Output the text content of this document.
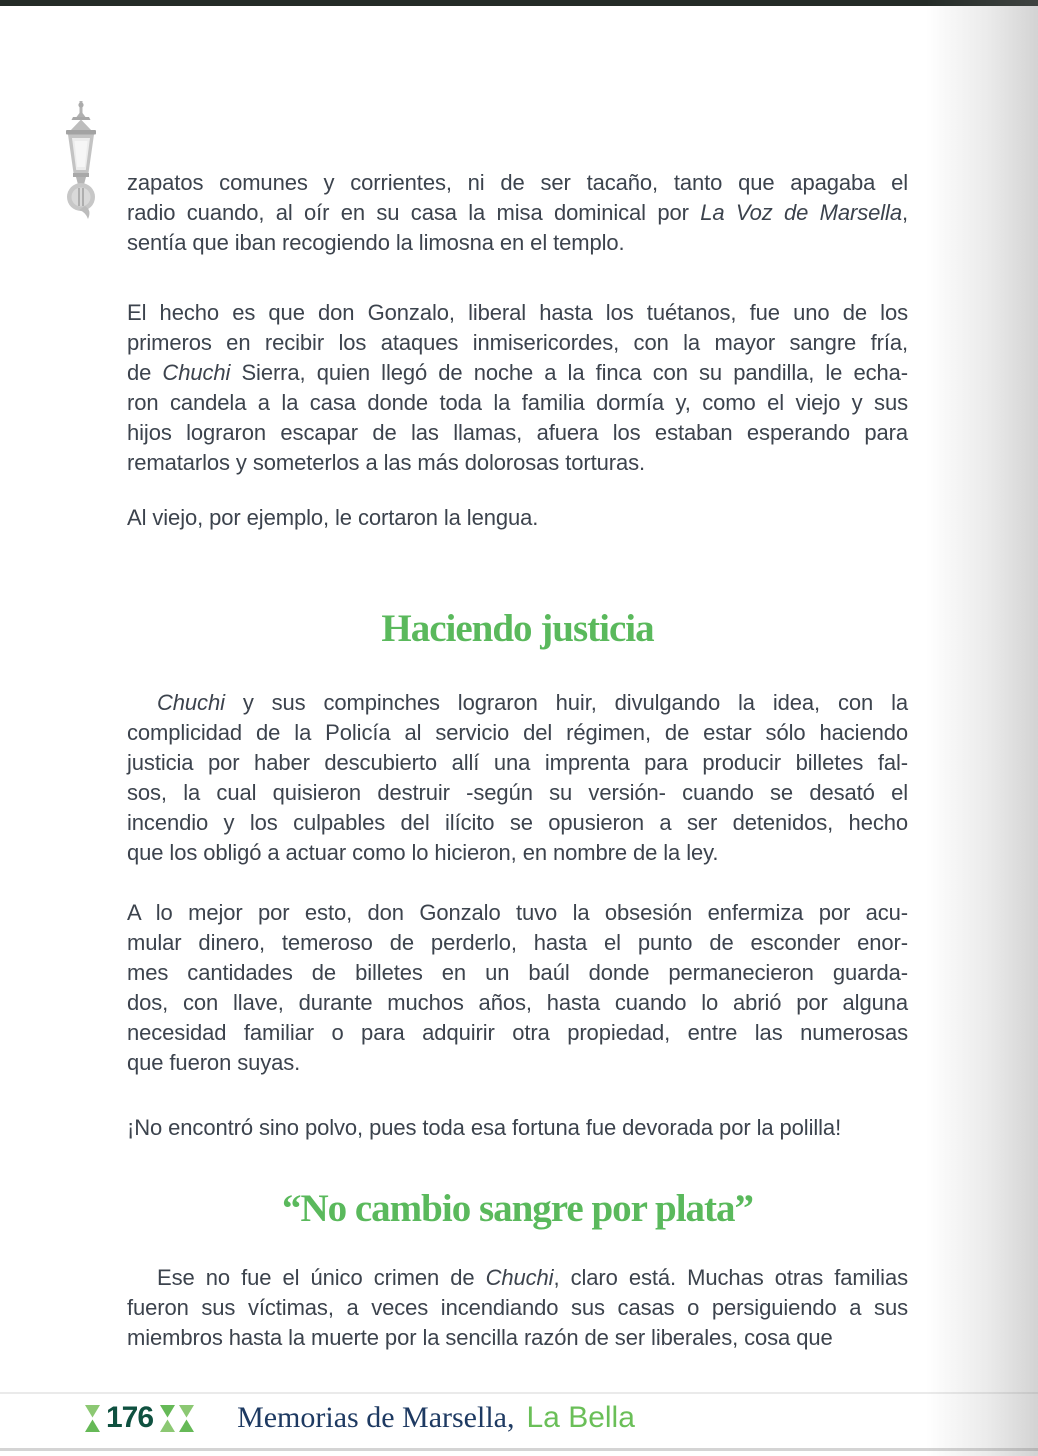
zapatos comunes y corrientes, ni de ser tacaño, tanto que apagaba el
radio cuando, al oír en su casa la misa dominical por La Voz de Marsella,
sentía que iban recogiendo la limosna en el templo.
El hecho es que don Gonzalo, liberal hasta los tuétanos, fue uno de los
primeros en recibir los ataques inmisericordes, con la mayor sangre fría,
de Chuchi Sierra, quien llegó de noche a la finca con su pandilla, le echa-
ron candela a la casa donde toda la familia dormía y, como el viejo y sus
hijos lograron escapar de las llamas, afuera los estaban esperando para
rematarlos y someterlos a las más dolorosas torturas.
Al viejo, por ejemplo, le cortaron la lengua.
Haciendo justicia
Chuchi y sus compinches lograron huir, divulgando la idea, con la
complicidad de la Policía al servicio del régimen, de estar sólo haciendo
justicia por haber descubierto allí una imprenta para producir billetes fal-
sos, la cual quisieron destruir -según su versión- cuando se desató el
incendio y los culpables del ilícito se opusieron a ser detenidos, hecho
que los obligó a actuar como lo hicieron, en nombre de la ley.
A lo mejor por esto, don Gonzalo tuvo la obsesión enfermiza por acu-
mular dinero, temeroso de perderlo, hasta el punto de esconder enor-
mes cantidades de billetes en un baúl donde permanecieron guarda-
dos, con llave, durante muchos años, hasta cuando lo abrió por alguna
necesidad familiar o para adquirir otra propiedad, entre las numerosas
que fueron suyas.
¡No encontró sino polvo, pues toda esa fortuna fue devorada por la polilla!
“No cambio sangre por plata”
Ese no fue el único crimen de Chuchi, claro está. Muchas otras familias
fueron sus víctimas, a veces incendiando sus casas o persiguiendo a sus
miembros hasta la muerte por la sencilla razón de ser liberales, cosa que
176	Memorias de Marsella, La Bella
